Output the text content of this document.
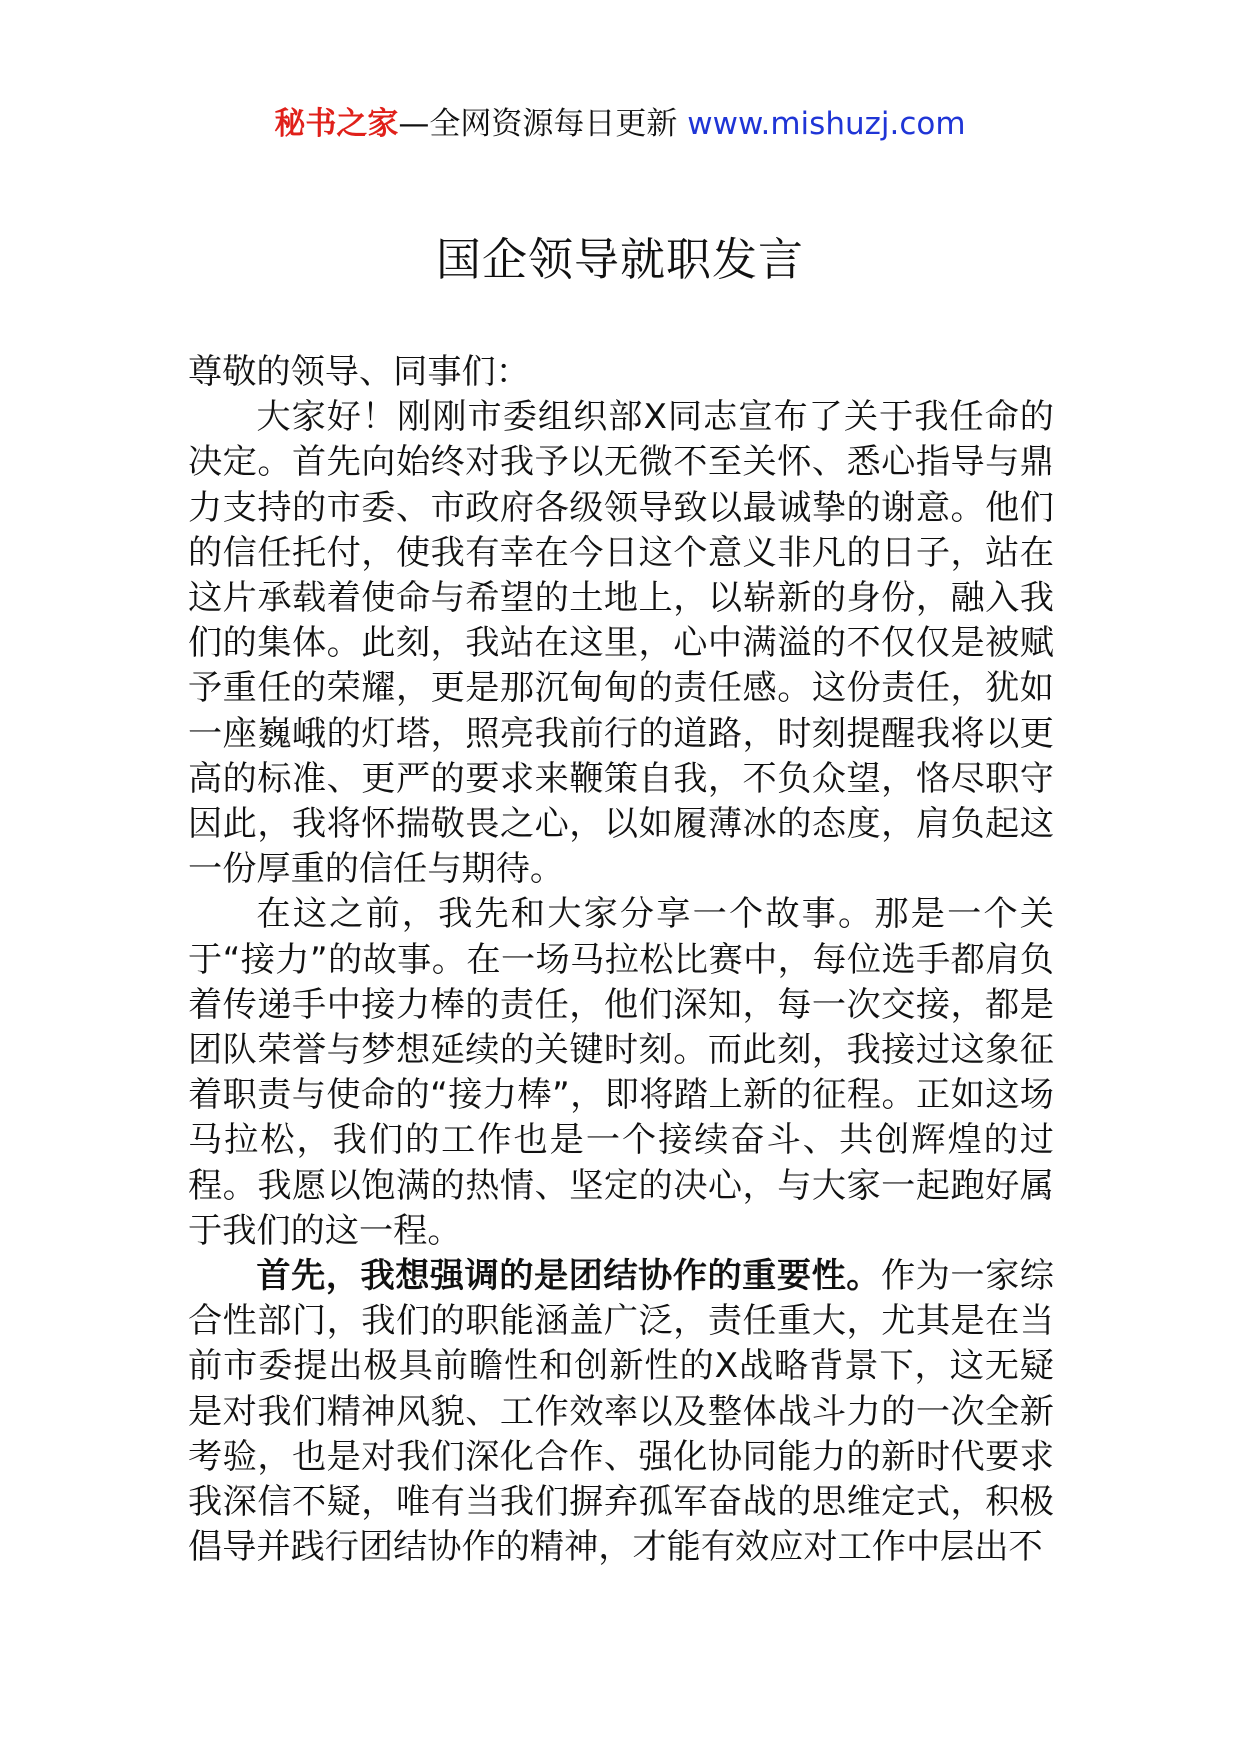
秘书之家—全网资源每日更新 www.mishuzj.com
国企领导就职发言

尊敬的领导、同事们：

大家好！刚刚市委组织部X同志宣布了关于我任命的决定。首先向始终对我予以无微不至关怀、悉心指导与鼎力支持的市委、市政府各级领导致以最诚挚的谢意。他们的信任托付，使我有幸在今日这个意义非凡的日子，站在这片承载着使命与希望的土地上，以崭新的身份，融入我们的集体。此刻，我站在这里，心中满溢的不仅仅是被赋予重任的荣耀，更是那沉甸甸的责任感。这份责任，犹如一座巍峨的灯塔，照亮我前行的道路，时刻提醒我将以更高的标准、更严的要求来鞭策自我，不负众望，恪尽职守因此，我将怀揣敬畏之心，以如履薄冰的态度，肩负起这一份厚重的信任与期待。

在这之前，我先和大家分享一个故事。那是一个关于“接力”的故事。在一场马拉松比赛中，每位选手都肩负着传递手中接力棒的责任，他们深知，每一次交接，都是团队荣誉与梦想延续的关键时刻。而此刻，我接过这象征着职责与使命的“接力棒”，即将踏上新的征程。正如这场马拉松，我们的工作也是一个接续奋斗、共创辉煌的过程。我愿以饱满的热情、坚定的决心，与大家一起跑好属于我们的这一程。

首先，我想强调的是团结协作的重要性。作为一家综合性部门，我们的职能涵盖广泛，责任重大，尤其是在当前市委提出极具前瞻性和创新性的X战略背景下，这无疑是对我们精神风貌、工作效率以及整体战斗力的一次全新考验，也是对我们深化合作、强化协同能力的新时代要求我深信不疑，唯有当我们摒弃孤军奋战的思维定式，积极倡导并践行团结协作的精神，才能有效应对工作中层出不
